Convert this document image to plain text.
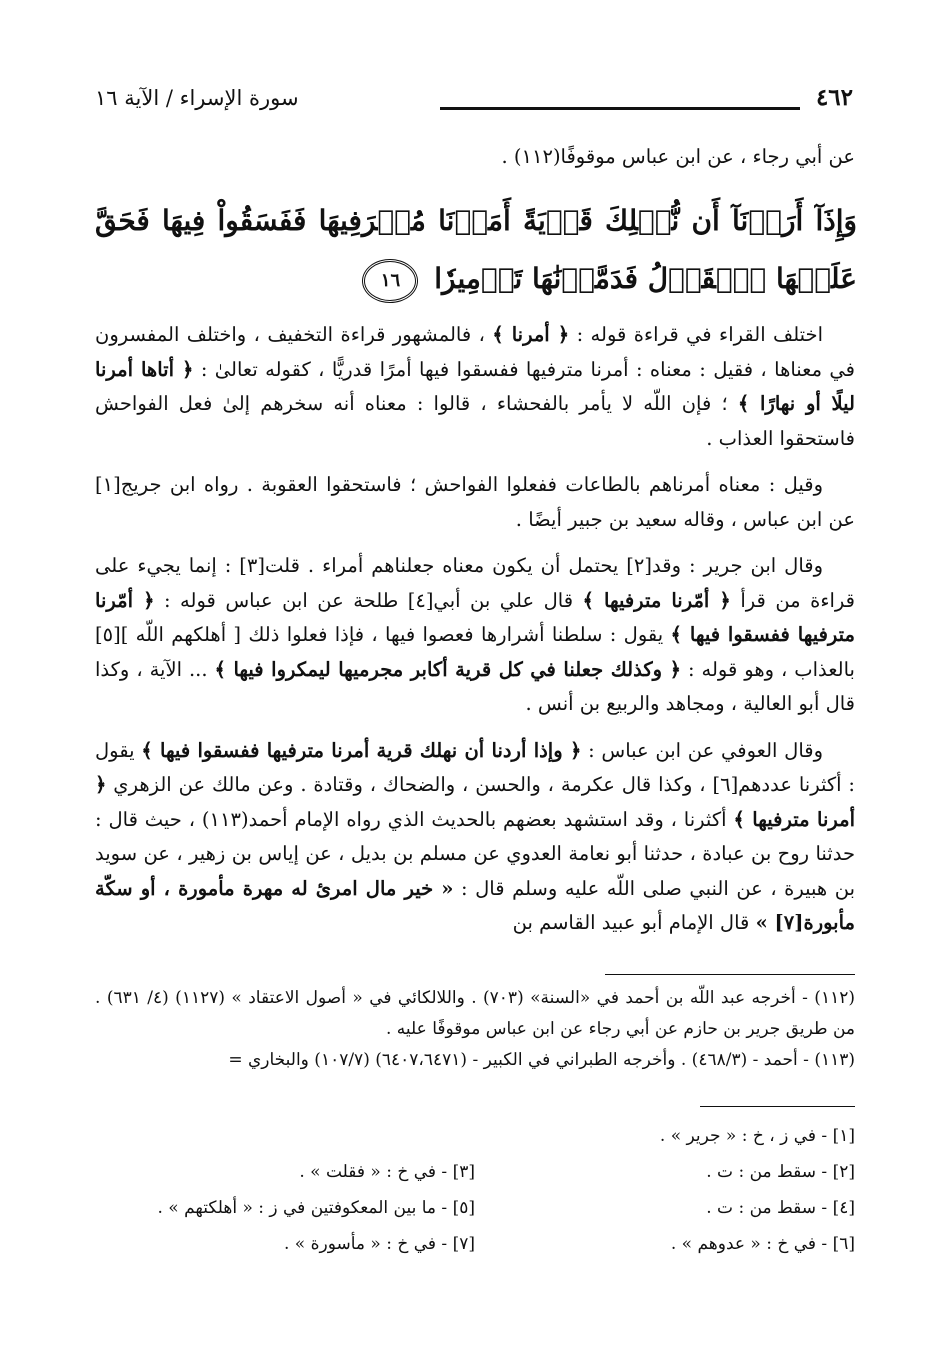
سورة الإسراء / الآية ١٦	٤٦٢
عن أبي رجاء ، عن ابن عباس موقوفًا(١١٢) .
وَإِذَآ أَرَدۡنَآ أَن نُّهۡلِكَ قَرۡيَةً أَمَرۡنَا مُتۡرَفِيهَا فَفَسَقُواْ فِيهَا فَحَقَّ عَلَيۡهَا ٱلۡقَوۡلُ فَدَمَّرۡنَٰهَا تَدۡمِيرٗا ١٦

اختلف القراء في قراءة قوله : ﴿ أمرنا ﴾ ، فالمشهور قراءة التخفيف ، واختلف المفسرون في معناها ، فقيل : معناه : أمرنا مترفيها ففسقوا فيها أمرًا قدريًّا ، كقوله تعالىٰ : ﴿ أتاها أمرنا ليلًا أو نهارًا ﴾ ؛ فإن اللّه لا يأمر بالفحشاء ، قالوا : معناه أنه سخرهم إلىٰ فعل الفواحش فاستحقوا العذاب .

وقيل : معناه أمرناهم بالطاعات ففعلوا الفواحش ؛ فاستحقوا العقوبة . رواه ابن جريج[١] عن ابن عباس ، وقاله سعيد بن جبير أيضًا .

وقال ابن جرير : وقد[٢] يحتمل أن يكون معناه جعلناهم أمراء . قلت[٣] : إنما يجيء على قراءة من قرأ ﴿ أمّرنا مترفيها ﴾ قال علي بن أبي[٤] طلحة عن ابن عباس قوله : ﴿ أمّرنا مترفيها ففسقوا فيها ﴾ يقول : سلطنا أشرارها فعصوا فيها ، فإذا فعلوا ذلك [ أهلكهم اللّه ][٥] بالعذاب ، وهو قوله : ﴿ وكذلك جعلنا في كل قرية أكابر مجرميها ليمكروا فيها ﴾ ... الآية ، وكذا قال أبو العالية ، ومجاهد والربيع بن أنس .

وقال العوفي عن ابن عباس : ﴿ وإذا أردنا أن نهلك قرية أمرنا مترفيها ففسقوا فيها ﴾ يقول : أكثرنا عددهم[٦] ، وكذا قال عكرمة ، والحسن ، والضحاك ، وقتادة . وعن مالك عن الزهري ﴿ أمرنا مترفيها ﴾ أكثرنا ، وقد استشهد بعضهم بالحديث الذي رواه الإمام أحمد(١١٣) ، حيث قال : حدثنا روح بن عبادة ، حدثنا أبو نعامة العدوي عن مسلم بن بديل ، عن إياس بن زهير ، عن سويد بن هبيرة ، عن النبي صلى اللّه عليه وسلم قال : « خير مال امرئ له مهرة مأمورة ، أو سكّة مأبورة[٧] » قال الإمام أبو عبيد القاسم بن

(١١٢) - أخرجه عبد اللّه بن أحمد في «السنة» (٧٠٣) . واللالكائي في « أصول الاعتقاد » (١١٢٧) (٤/ ٦٣١) . من طريق جرير بن حازم عن أبي رجاء عن ابن عباس موقوفًا عليه .

(١١٣) - أحمد - (٤٦٨/٣) . وأخرجه الطبراني في الكبير - (٦٤٠٧،٦٤٧١) (١٠٧/٧) والبخاري =

[١] - في ز ، خ : « جرير » .
[٢] - سقط من : ت .
[٣] - في خ : « فقلت » .
[٤] - سقط من : ت .
[٥] - ما بين المعكوفتين في ز : « أهلكتهم » .
[٦] - في خ : « عدوهم » .
[٧] - في خ : « مأسورة » .
